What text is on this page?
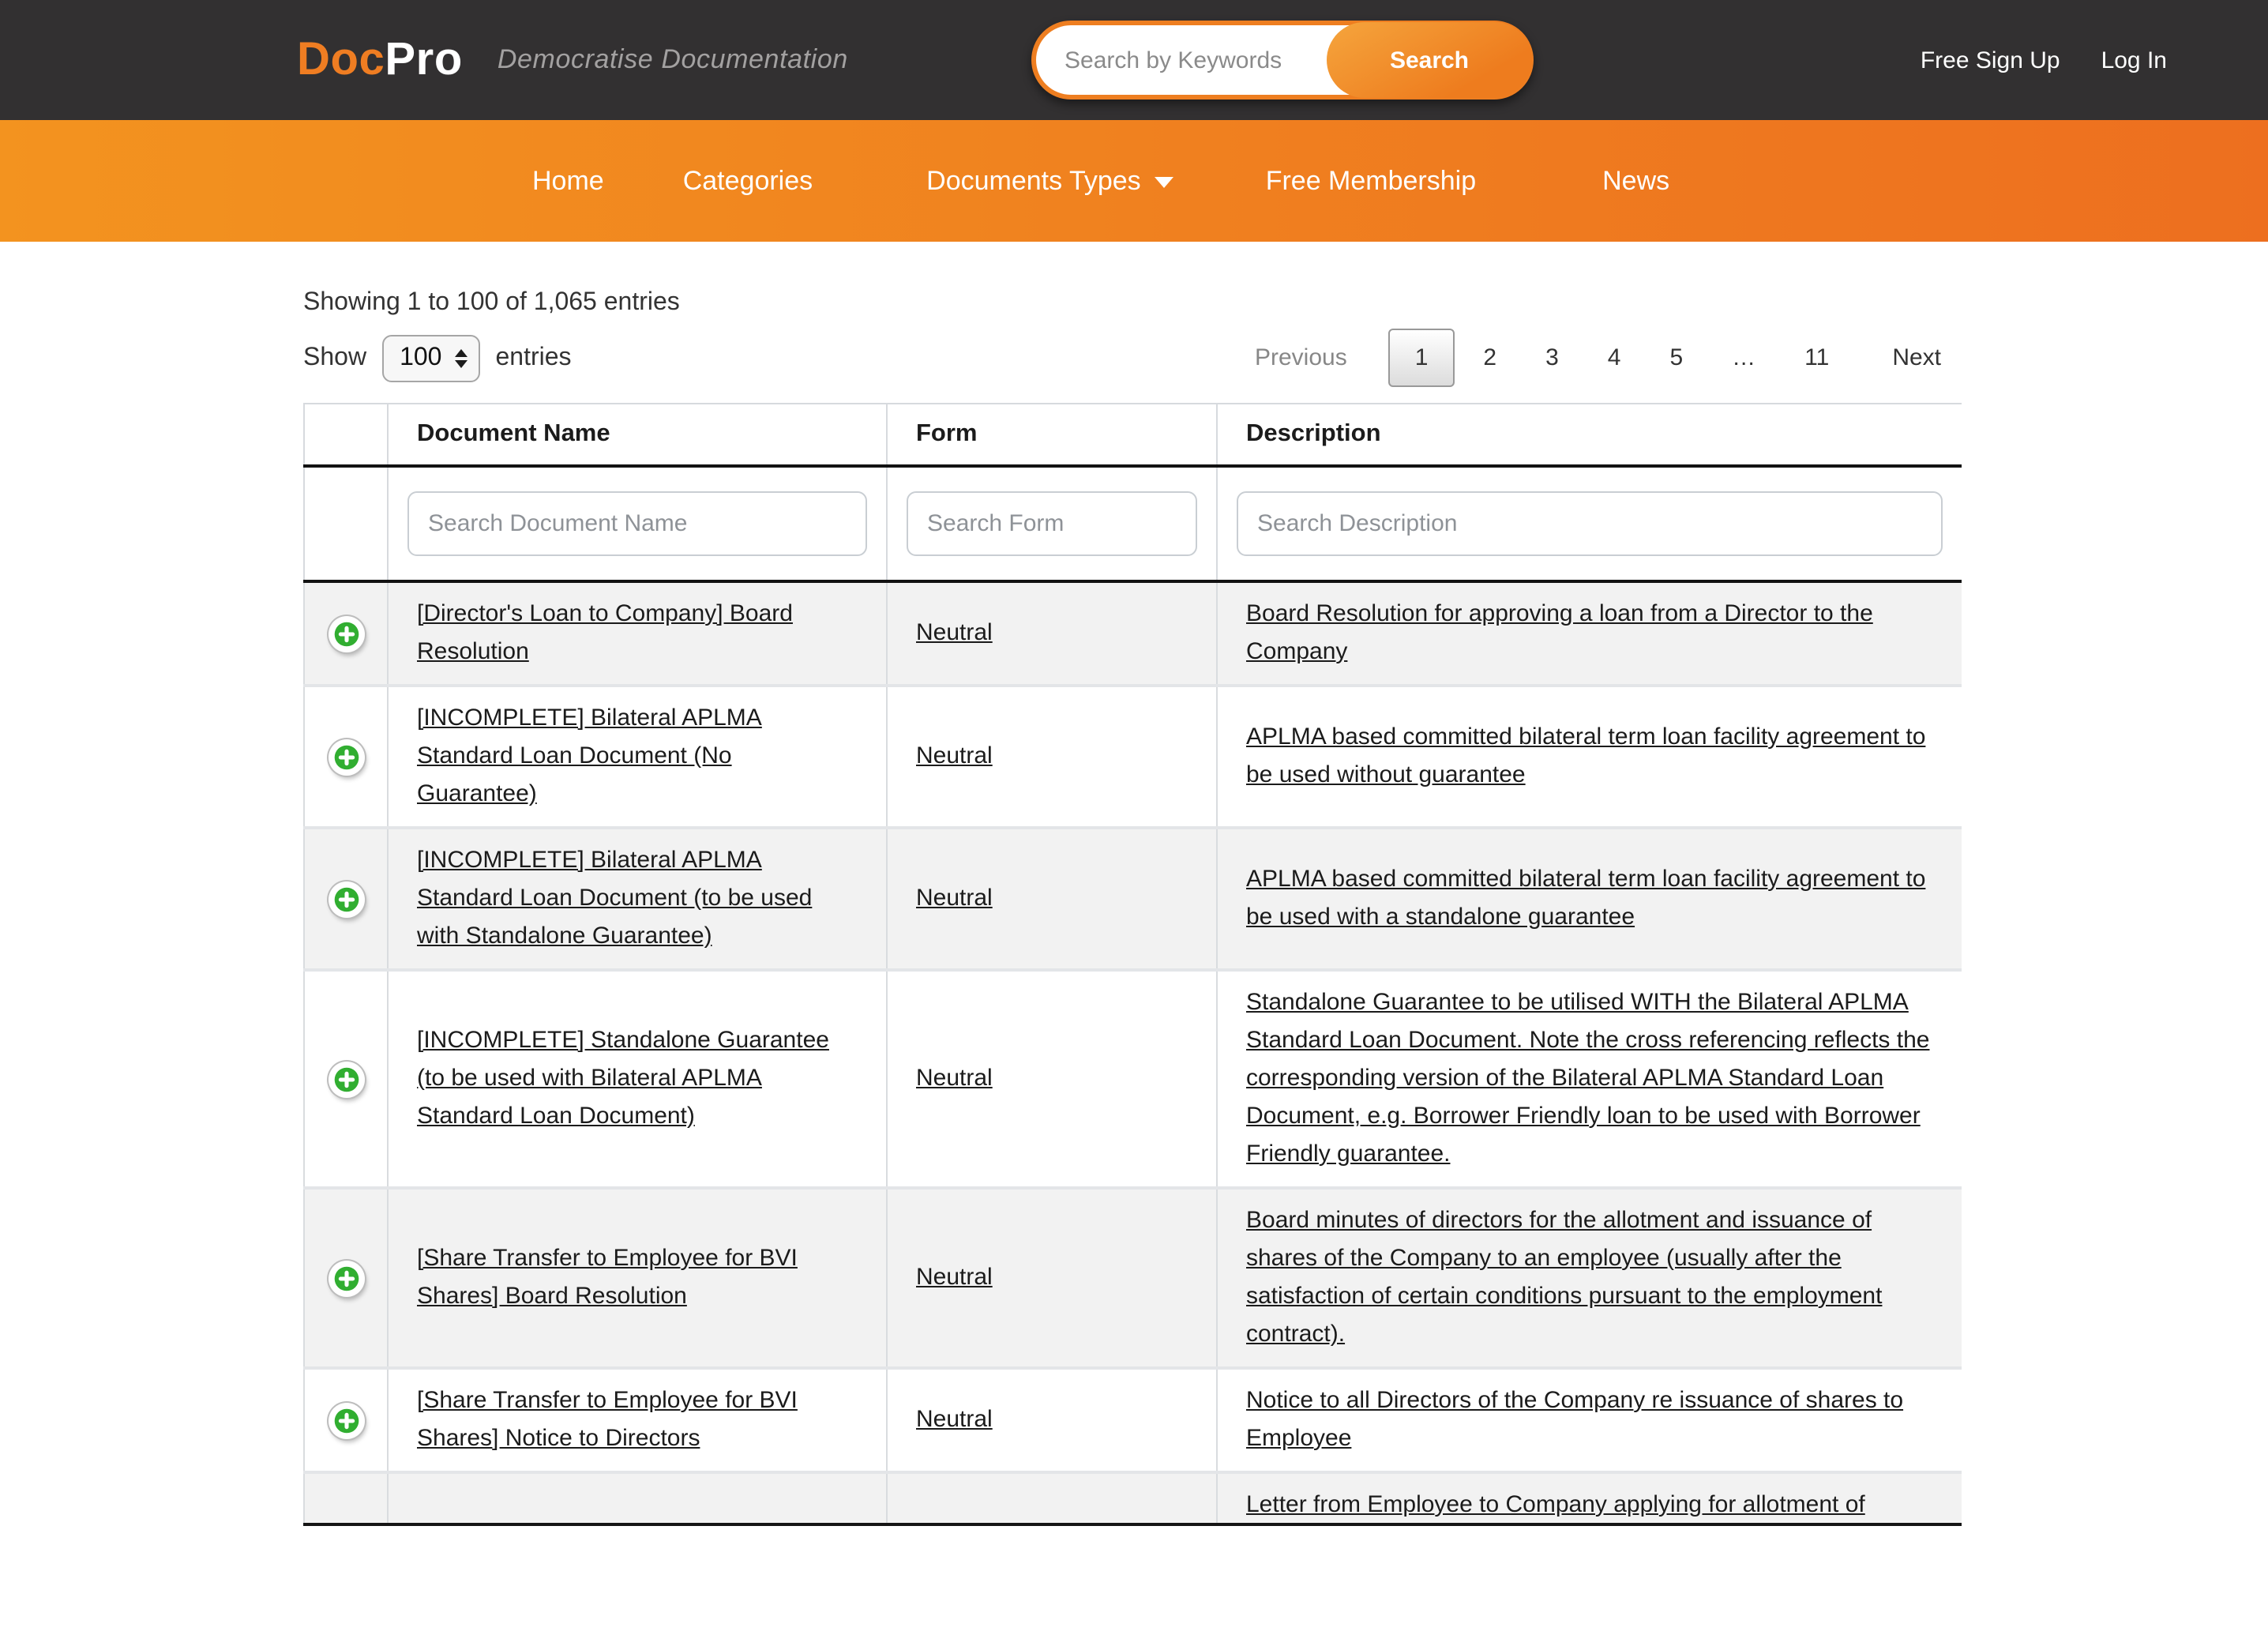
DocPro	Democratise Documentation
Search by Keywords	Search	Free Sign Up	Log In
Home	Categories	Documents Types	Free Membership	News
Showing 1 to 100 of 1,065 entries
Show	100	entries	Previous	1	2	3	4	5	…	11	Next
	Document Name	Form	Description
	Search Document Name	Search Form	Search Description

	[Director's Loan to Company] Board Resolution	Neutral	Board Resolution for approving a loan from a Director to the Company

	[INCOMPLETE] Bilateral APLMA Standard Loan Document (No Guarantee)	Neutral	APLMA based committed bilateral term loan facility agreement to be used without guarantee

	[INCOMPLETE] Bilateral APLMA Standard Loan Document (to be used with Standalone Guarantee)	Neutral	APLMA based committed bilateral term loan facility agreement to be used with a standalone guarantee

	[INCOMPLETE] Standalone Guarantee (to be used with Bilateral APLMA Standard Loan Document)	Neutral	Standalone Guarantee to be utilised WITH the Bilateral APLMA Standard Loan Document. Note the cross referencing reflects the corresponding version of the Bilateral APLMA Standard Loan Document, e.g. Borrower Friendly loan to be used with Borrower Friendly guarantee.

	[Share Transfer to Employee for BVI Shares] Board Resolution	Neutral	Board minutes of directors for the allotment and issuance of shares of the Company to an employee (usually after the satisfaction of certain conditions pursuant to the employment contract).

	[Share Transfer to Employee for BVI Shares] Notice to Directors	Neutral	Notice to all Directors of the Company re issuance of shares to Employee
			Letter from Employee to Company applying for allotment of
